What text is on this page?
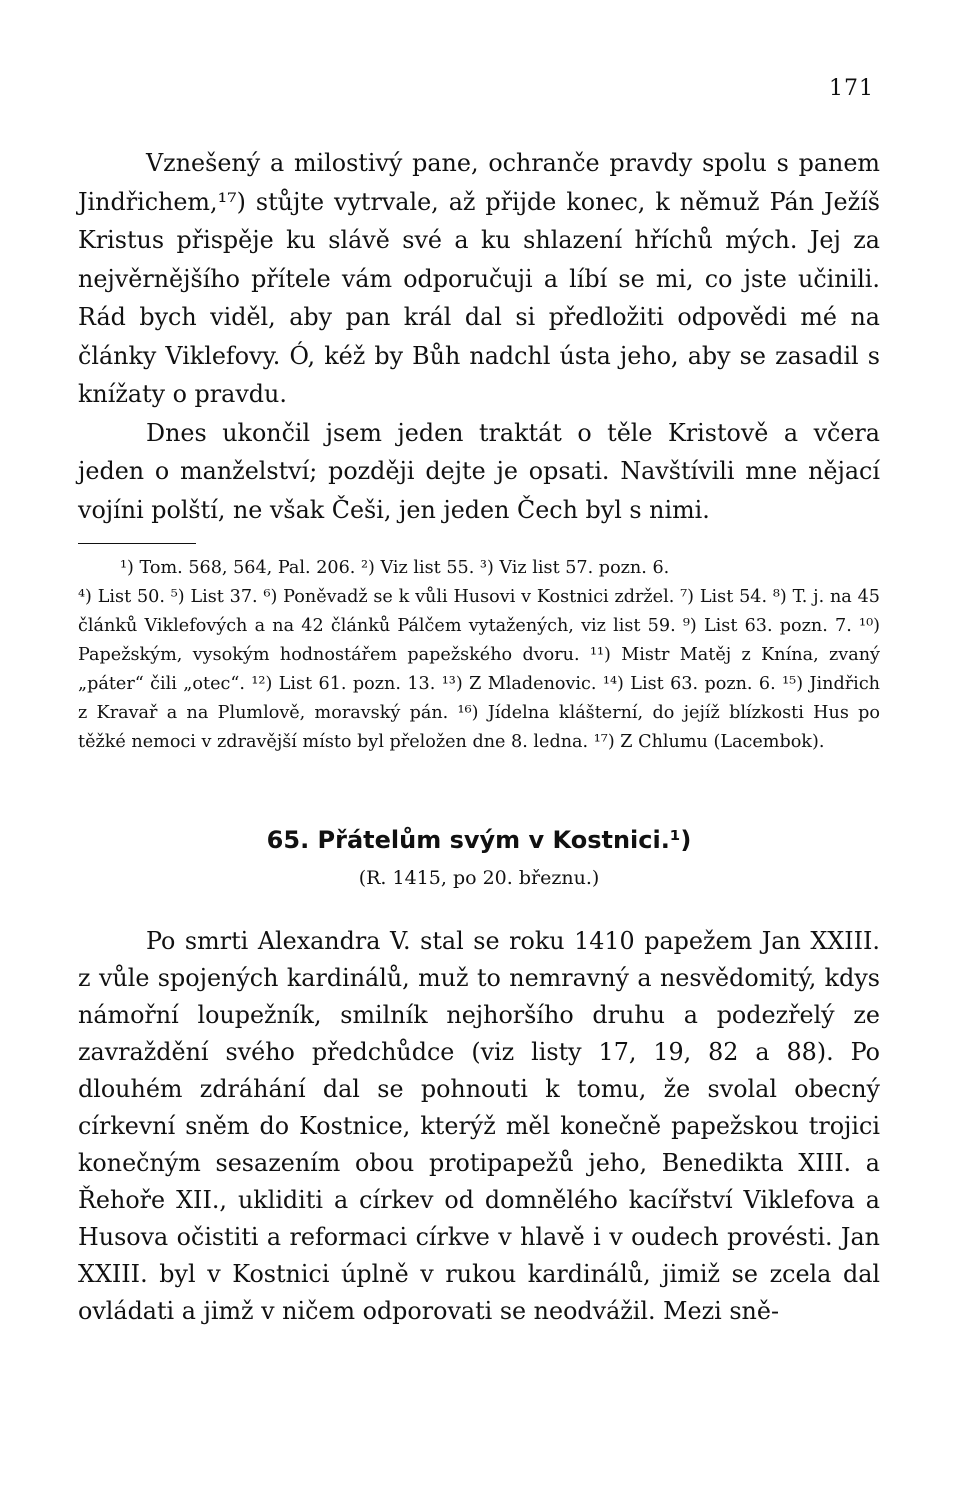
171

Vznešený a milostivý pane, ochranče pravdy spolu s panem Jindřichem,¹⁷) stůjte vytrvale, až přijde konec, k němuž Pán Ježíš Kristus přispěje ku slávě své a ku shlazení hříchů mých. Jej za nejvěrnějšího přítele vám odporučuji a líbí se mi, co jste učinili. Rád bych viděl, aby pan král dal si předložiti odpovědi mé na články Viklefovy. Ó, kéž by Bůh nadchl ústa jeho, aby se zasadil s knížaty o pravdu.

Dnes ukončil jsem jeden traktát o těle Kristově a včera jeden o manželství; později dejte je opsati. Navštívili mne nějací vojíni polští, ne však Češi, jen jeden Čech byl s nimi.

¹) Tom. 568, 564, Pal. 206. ²) Viz list 55. ³) Viz list 57. pozn. 6.

⁴) List 50. ⁵) List 37. ⁶) Poněvadž se k vůli Husovi v Kostnici zdržel. ⁷) List 54. ⁸) T. j. na 45 článků Viklefových a na 42 článků Pálčem vytažených, viz list 59. ⁹) List 63. pozn. 7. ¹⁰) Papežským, vysokým hodnostářem papežského dvoru. ¹¹) Mistr Matěj z Knína, zvaný „páter“ čili „otec“. ¹²) List 61. pozn. 13. ¹³) Z Mladenovic. ¹⁴) List 63. pozn. 6. ¹⁵) Jindřich z Kravař a na Plumlově, moravský pán. ¹⁶) Jídelna klášterní, do jejíž blízkosti Hus po těžké nemoci v zdravější místo byl přeložen dne 8. ledna. ¹⁷) Z Chlumu (Lacembok).

65. Přátelům svým v Kostnici.¹)

(R. 1415, po 20. březnu.)

Po smrti Alexandra V. stal se roku 1410 papežem Jan XXIII. z vůle spojených kardinálů, muž to nemravný a nesvědomitý, kdys námořní loupežník, smilník nejhoršího druhu a podezřelý ze zavraždění svého předchůdce (viz listy 17, 19, 82 a 88). Po dlouhém zdráhání dal se pohnouti k tomu, že svolal obecný církevní sněm do Kostnice, kterýž měl konečně papežskou trojici konečným sesazením obou protipapežů jeho, Benedikta XIII. a Řehoře XII., ukliditi a církev od domnělého kacířství Viklefova a Husova očistiti a reformaci církve v hlavě i v oudech provésti. Jan XXIII. byl v Kostnici úplně v rukou kardinálů, jimiž se zcela dal ovládati a jimž v ničem odporovati se neodvážil. Mezi sně-
